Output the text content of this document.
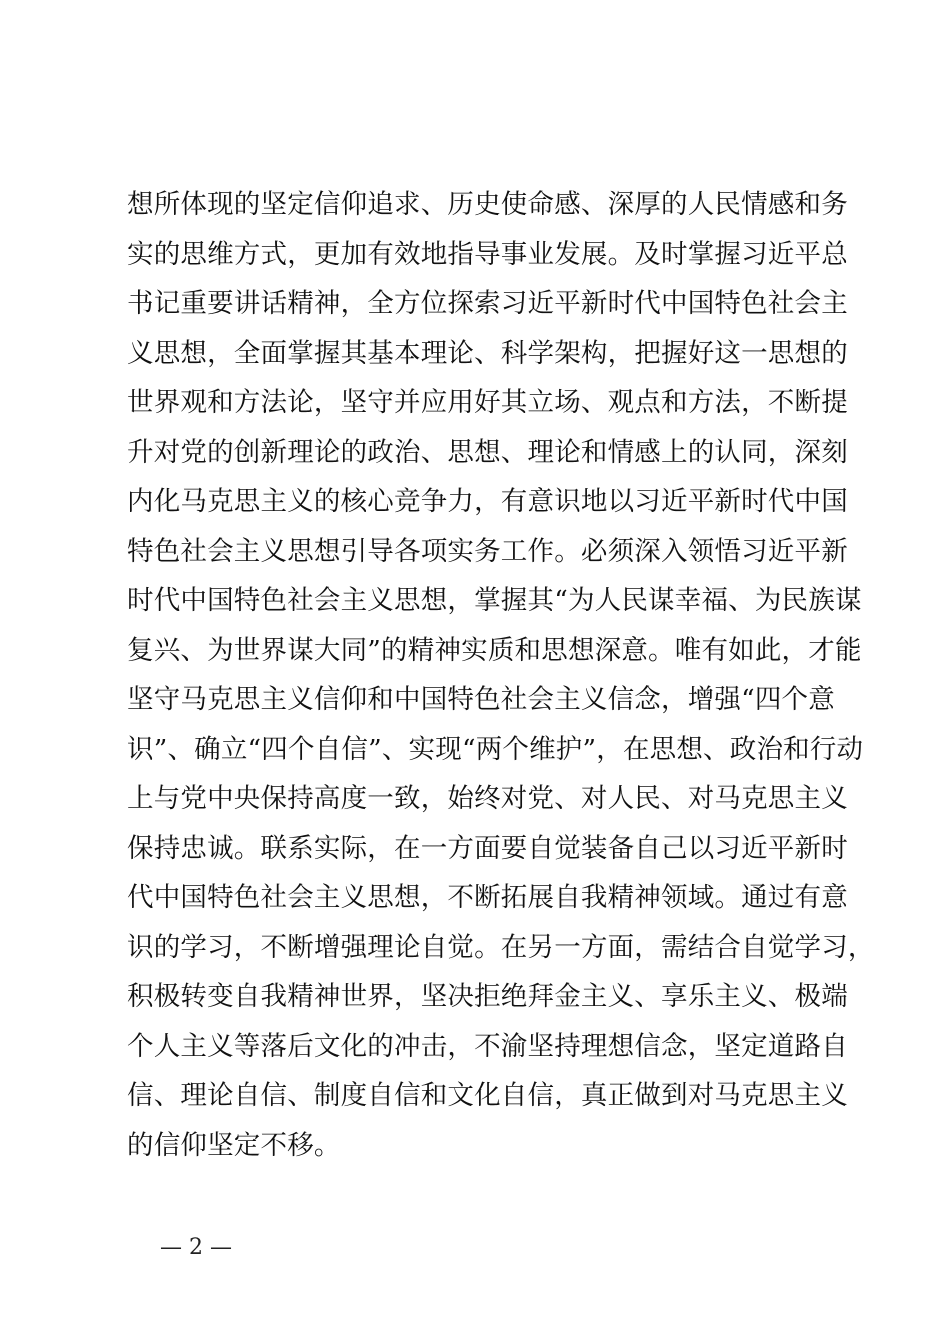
想所体现的坚定信仰追求、历史使命感、深厚的人民情感和务
实的思维方式，更加有效地指导事业发展。及时掌握习近平总
书记重要讲话精神，全方位探索习近平新时代中国特色社会主
义思想，全面掌握其基本理论、科学架构，把握好这一思想的
世界观和方法论，坚守并应用好其立场、观点和方法，不断提
升对党的创新理论的政治、思想、理论和情感上的认同，深刻
内化马克思主义的核心竞争力，有意识地以习近平新时代中国
特色社会主义思想引导各项实务工作。必须深入领悟习近平新
时代中国特色社会主义思想，掌握其“为人民谋幸福、为民族谋
复兴、为世界谋大同”的精神实质和思想深意。唯有如此，才能
坚守马克思主义信仰和中国特色社会主义信念，增强“四个意
识”、确立“四个自信”、实现“两个维护”，在思想、政治和行动
上与党中央保持高度一致，始终对党、对人民、对马克思主义
保持忠诚。联系实际，在一方面要自觉装备自己以习近平新时
代中国特色社会主义思想，不断拓展自我精神领域。通过有意
识的学习，不断增强理论自觉。在另一方面，需结合自觉学习，
积极转变自我精神世界，坚决拒绝拜金主义、享乐主义、极端
个人主义等落后文化的冲击，不渝坚持理想信念，坚定道路自
信、理论自信、制度自信和文化自信，真正做到对马克思主义
的信仰坚定不移。
— 2 —
